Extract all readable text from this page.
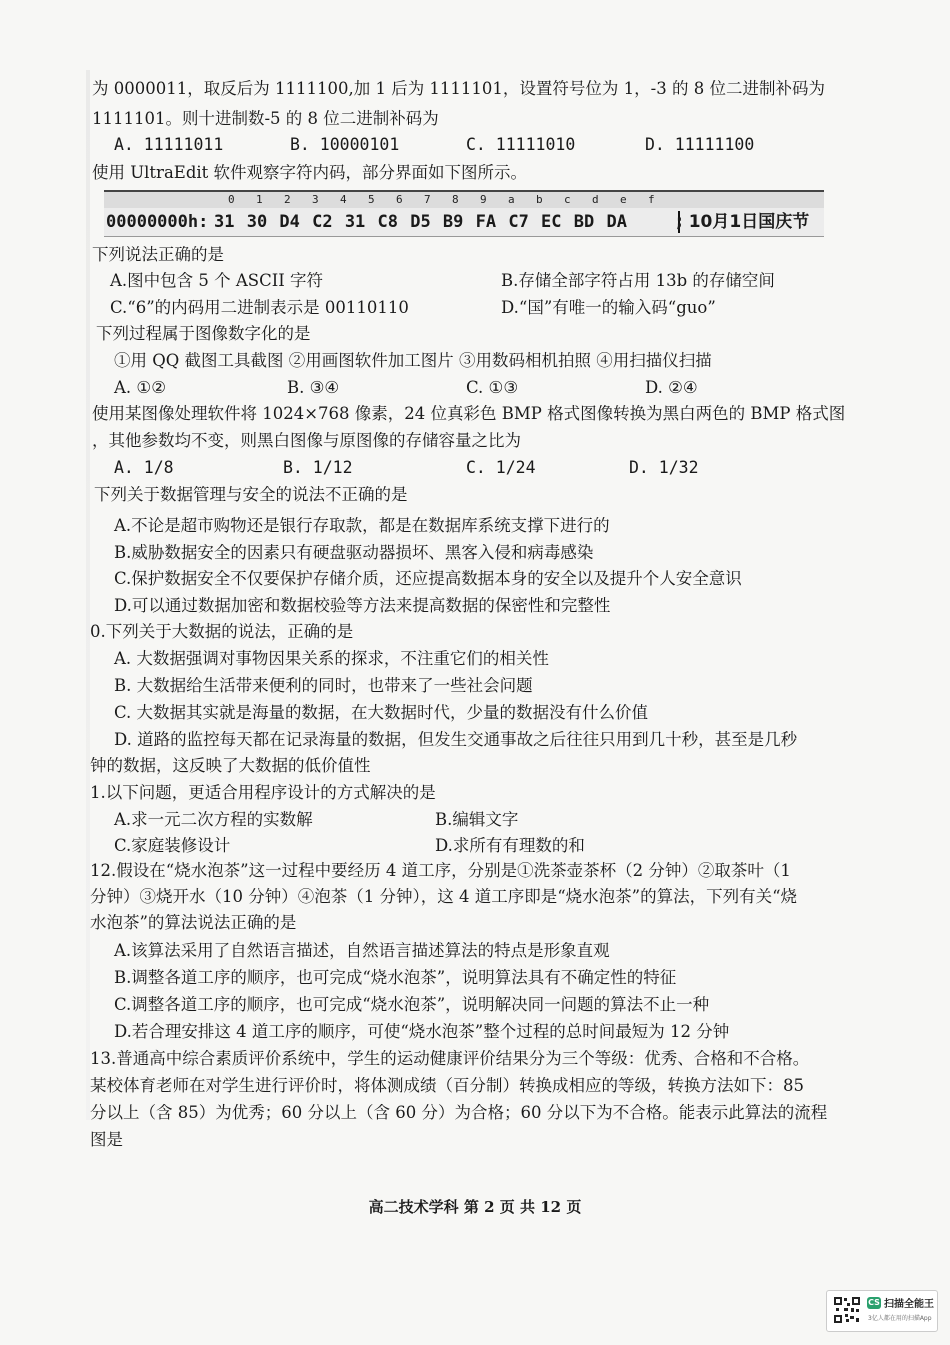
为 0000011，取反后为 1111100,加 1 后为 1111101，设置符号位为 1，-3 的 8 位二进制补码为
1111101。则十进制数-5 的 8 位二进制补码为
A. 11111011	B. 10000101	C. 11111010	D. 11111100
使用 UltraEdit 软件观察字符内码，部分界面如下图所示。
0 1 2 3 4 5 6 7 8 9 a b c d e f
00000000h: 31 30 D4 C2 31 C8 D5 B9 FA C7 EC BD DA	; 10月1日国庆节
下列说法正确的是
A.图中包含 5 个 ASCII 字符	B.存储全部字符占用 13b 的存储空间
C.“6”的内码用二进制表示是 00110110	D.“国”有唯一的输入码“guo”
下列过程属于图像数字化的是
①用 QQ 截图工具截图 ②用画图软件加工图片 ③用数码相机拍照 ④用扫描仪扫描
A. ①②	B. ③④	C. ①③	D. ②④
使用某图像处理软件将 1024×768 像素，24 位真彩色 BMP 格式图像转换为黑白两色的 BMP 格式图
，其他参数均不变，则黑白图像与原图像的存储容量之比为
A. 1/8	B. 1/12	C. 1/24	D. 1/32
下列关于数据管理与安全的说法不正确的是
A.不论是超市购物还是银行存取款，都是在数据库系统支撑下进行的
B.威胁数据安全的因素只有硬盘驱动器损坏、黑客入侵和病毒感染
C.保护数据安全不仅要保护存储介质，还应提高数据本身的安全以及提升个人安全意识
D.可以通过数据加密和数据校验等方法来提高数据的保密性和完整性
0.下列关于大数据的说法，正确的是
A. 大数据强调对事物因果关系的探求，不注重它们的相关性
B. 大数据给生活带来便利的同时，也带来了一些社会问题
C. 大数据其实就是海量的数据，在大数据时代，少量的数据没有什么价值
D. 道路的监控每天都在记录海量的数据，但发生交通事故之后往往只用到几十秒，甚至是几秒
钟的数据，这反映了大数据的低价值性
1.以下问题，更适合用程序设计的方式解决的是
A.求一元二次方程的实数解	B.编辑文字
C.家庭装修设计	D.求所有有理数的和
12.假设在“烧水泡茶”这一过程中要经历 4 道工序，分别是①洗茶壶茶杯（2 分钟）②取茶叶（1
分钟）③烧开水（10 分钟）④泡茶（1 分钟），这 4 道工序即是“烧水泡茶”的算法，下列有关“烧
水泡茶”的算法说法正确的是
A.该算法采用了自然语言描述，自然语言描述算法的特点是形象直观
B.调整各道工序的顺序，也可完成“烧水泡茶”，说明算法具有不确定性的特征
C.调整各道工序的顺序，也可完成“烧水泡茶”，说明解决同一问题的算法不止一种
D.若合理安排这 4 道工序的顺序，可使“烧水泡茶”整个过程的总时间最短为 12 分钟
13.普通高中综合素质评价系统中，学生的运动健康评价结果分为三个等级：优秀、合格和不合格。
某校体育老师在对学生进行评价时，将体测成绩（百分制）转换成相应的等级，转换方法如下：85
分以上（含 85）为优秀；60 分以上（含 60 分）为合格；60 分以下为不合格。能表示此算法的流程
图是
高二技术学科 第 2 页 共 12 页
CS 扫描全能王
3亿人都在用的扫描App
